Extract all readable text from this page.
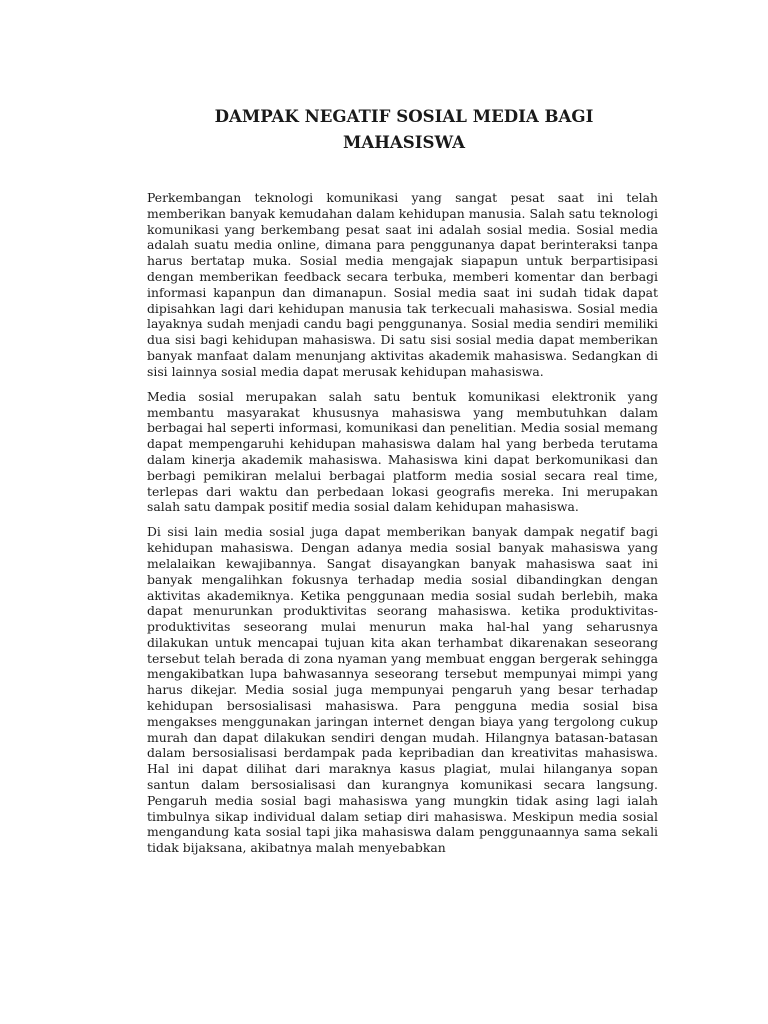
DAMPAK NEGATIF SOSIAL MEDIA BAGI
MAHASISWA

Perkembangan teknologi komunikasi yang sangat pesat saat ini telah memberikan banyak kemudahan dalam kehidupan manusia. Salah satu teknologi komunikasi yang berkembang pesat saat ini adalah sosial media. Sosial media adalah suatu media online, dimana para penggunanya dapat berinteraksi tanpa harus bertatap muka. Sosial media mengajak siapapun untuk berpartisipasi dengan memberikan feedback secara terbuka, memberi komentar dan berbagi informasi kapanpun dan dimanapun. Sosial media saat ini sudah tidak dapat dipisahkan lagi dari kehidupan manusia tak terkecuali mahasiswa. Sosial media layaknya sudah menjadi candu bagi penggunanya. Sosial media sendiri memiliki dua sisi bagi kehidupan mahasiswa. Di satu sisi sosial media dapat memberikan banyak manfaat dalam menunjang aktivitas akademik mahasiswa. Sedangkan di sisi lainnya sosial media dapat merusak kehidupan mahasiswa.

Media sosial merupakan salah satu bentuk komunikasi elektronik yang membantu masyarakat khususnya mahasiswa yang membutuhkan dalam berbagai hal seperti informasi, komunikasi dan penelitian. Media sosial memang dapat mempengaruhi kehidupan mahasiswa dalam hal yang berbeda terutama dalam kinerja akademik mahasiswa. Mahasiswa kini dapat berkomunikasi dan berbagi pemikiran melalui berbagai platform media sosial secara real time, terlepas dari waktu dan perbedaan lokasi geografis mereka. Ini merupakan salah satu dampak positif media sosial dalam kehidupan mahasiswa.

Di sisi lain media sosial juga dapat memberikan banyak dampak negatif bagi kehidupan mahasiswa. Dengan adanya media sosial banyak mahasiswa yang melalaikan kewajibannya. Sangat disayangkan banyak mahasiswa saat ini banyak mengalihkan fokusnya terhadap media sosial dibandingkan dengan aktivitas akademiknya. Ketika penggunaan media sosial sudah berlebih, maka dapat menurunkan produktivitas seorang mahasiswa. ketika produktivitas-produktivitas seseorang mulai menurun maka hal-hal yang seharusnya dilakukan untuk mencapai tujuan kita akan terhambat dikarenakan seseorang tersebut telah berada di zona nyaman yang membuat enggan bergerak sehingga mengakibatkan lupa bahwasannya seseorang tersebut mempunyai mimpi yang harus dikejar. Media sosial juga mempunyai pengaruh yang besar terhadap kehidupan bersosialisasi mahasiswa. Para pengguna media sosial bisa mengakses menggunakan jaringan internet dengan biaya yang tergolong cukup murah dan dapat dilakukan sendiri dengan mudah. Hilangnya batasan-batasan dalam bersosialisasi berdampak pada kepribadian dan kreativitas mahasiswa. Hal ini dapat dilihat dari maraknya kasus plagiat, mulai hilanganya sopan santun dalam bersosialisasi dan kurangnya komunikasi secara langsung. Pengaruh media sosial bagi mahasiswa yang mungkin tidak asing lagi ialah timbulnya sikap individual dalam setiap diri mahasiswa. Meskipun media sosial mengandung kata sosial tapi jika mahasiswa dalam penggunaannya sama sekali tidak bijaksana, akibatnya malah menyebabkan
